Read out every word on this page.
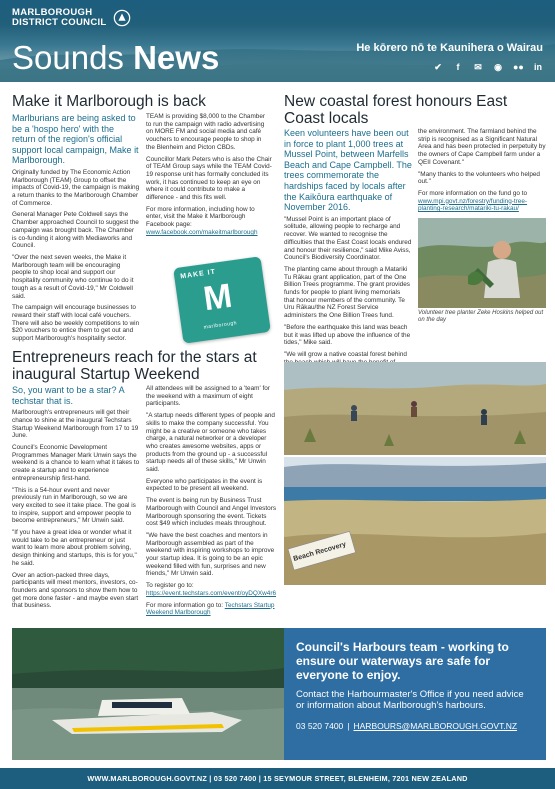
MARLBOROUGH
DISTRICT COUNCIL
Sounds News	He kōrero nō te Kaunihera o Wairau
✔	f	✉ ◉ ●● in
Make it Marlborough is back
Marlburians are being asked to be a 'hospo hero' with the return of the region's official support local campaign, Make it Marlborough.
Originally funded by The Economic Action Marlborough (TEAM) Group to offset the impacts of Covid-19, the campaign is making a return thanks to the Marlborough Chamber of Commerce.
General Manager Pete Coldwell says the Chamber approached Council to suggest the campaign was brought back. The Chamber is co-funding it along with Mediaworks and Council.
"Over the next seven weeks, the Make it Marlborough team will be encouraging people to shop local and support our hospitality community who continue to do it tough as a result of Covid-19," Mr Coldwell said.
The campaign will encourage businesses to reward their staff with local café vouchers. There will also be weekly competitions to win $20 vouchers to entice them to get out and support Marlborough's hospitality sector.
TEAM is providing $8,000 to the Chamber to run the campaign with radio advertising on MORE FM and social media and café vouchers to encourage people to shop in the Blenheim and Picton CBDs.
Councillor Mark Peters who is also the Chair of TEAM Group says while the TEAM Covid-19 response unit has formally concluded its work, it has continued to keep an eye on where it could contribute to make a difference - and this fits well.
For more information, including how to enter, visit the Make it Marlborough Facebook page: www.facebook.com/makeitmarlborough
MAKE IT
M
marlborough
Entrepreneurs reach for the stars at inaugural Startup Weekend
So, you want to be a star? A techstar that is.
Marlborough's entrepreneurs will get their chance to shine at the inaugural Techstars Startup Weekend Marlborough from 17 to 19 June.
Council's Economic Development Programmes Manager Mark Unwin says the weekend is a chance to learn what it takes to create a startup and to experience entrepreneurship first-hand.
"This is a 54-hour event and never previously run in Marlborough, so we are very excited to see it take place. The goal is to inspire, support and empower people to become entrepreneurs," Mr Unwin said.
"If you have a great idea or wonder what it would take to be an entrepreneur or just want to learn more about problem solving, design thinking and startups, this is for you," he said.
Over an action-packed three days, participants will meet mentors, investors, co-founders and sponsors to show them how to get more done faster - and maybe even start that business.
All attendees will be assigned to a 'team' for the weekend with a maximum of eight participants.
"A startup needs different types of people and skills to make the company successful. You might be a creative or someone who takes charge, a natural networker or a developer who creates awesome websites, apps or products from the ground up - a successful startup needs all of these skills," Mr Unwin said.
Everyone who participates in the event is expected to be present all weekend.
The event is being run by Business Trust Marlborough with Council and Angel Investors Marlborough sponsoring the event. Tickets cost $49 which includes meals throughout.
"We have the best coaches and mentors in Marlborough assembled as part of the weekend with inspiring workshops to improve your startup idea. It is going to be an epic weekend filled with fun, surprises and new friends," Mr Unwin said.
To register go to: https://event.techstars.com/event/oyDQXw4r6
For more information go to: Techstars Startup Weekend Marlborough
New coastal forest honours East Coast locals
Keen volunteers have been out in force to plant 1,000 trees at Mussel Point, between Marfells Beach and Cape Campbell. The trees commemorate the hardships faced by locals after the Kaikōura earthquake of November 2016.
"Mussel Point is an important place of solitude, allowing people to recharge and recover. We wanted to recognise the difficulties that the East Coast locals endured and honour their resilience," said Mike Aviss, Council's Biodiversity Coordinator.
The planting came about through a Matariki Tu Rākau grant application, part of the One Billion Trees programme. The grant provides funds for people to plant living memorials that honour members of the community. Te Uru Rākau/the NZ Forest Service administers the One Billion Trees fund.
"Before the earthquake this land was beach but it was lifted up above the influence of the tides," Mike said.
"We will grow a native coastal forest behind
the environment. The farmland behind the strip is recognised as a Significant Natural Area and has been protected in perpetuity by the owners of Cape Campbell farm under a QEII Covenant."
"Many thanks to the volunteers who helped out."
For more information on the fund go to www.mpi.govt.nz/forestry/funding-tree-planting-research/matariki-tu-rakau/
Volunteer tree planter Zeke Hoskins helped out on the day
Beach Recovery
Council's Harbours team - working to ensure our waterways are safe for everyone to enjoy.
Contact the Harbourmaster's Office if you need advice or information about Marlborough's harbours.
03 520 7400 | HARBOURS@MARLBOROUGH.GOVT.NZ
WWW.MARLBOROUGH.GOVT.NZ | 03 520 7400 | 15 SEYMOUR STREET, BLENHEIM, 7201 NEW ZEALAND
